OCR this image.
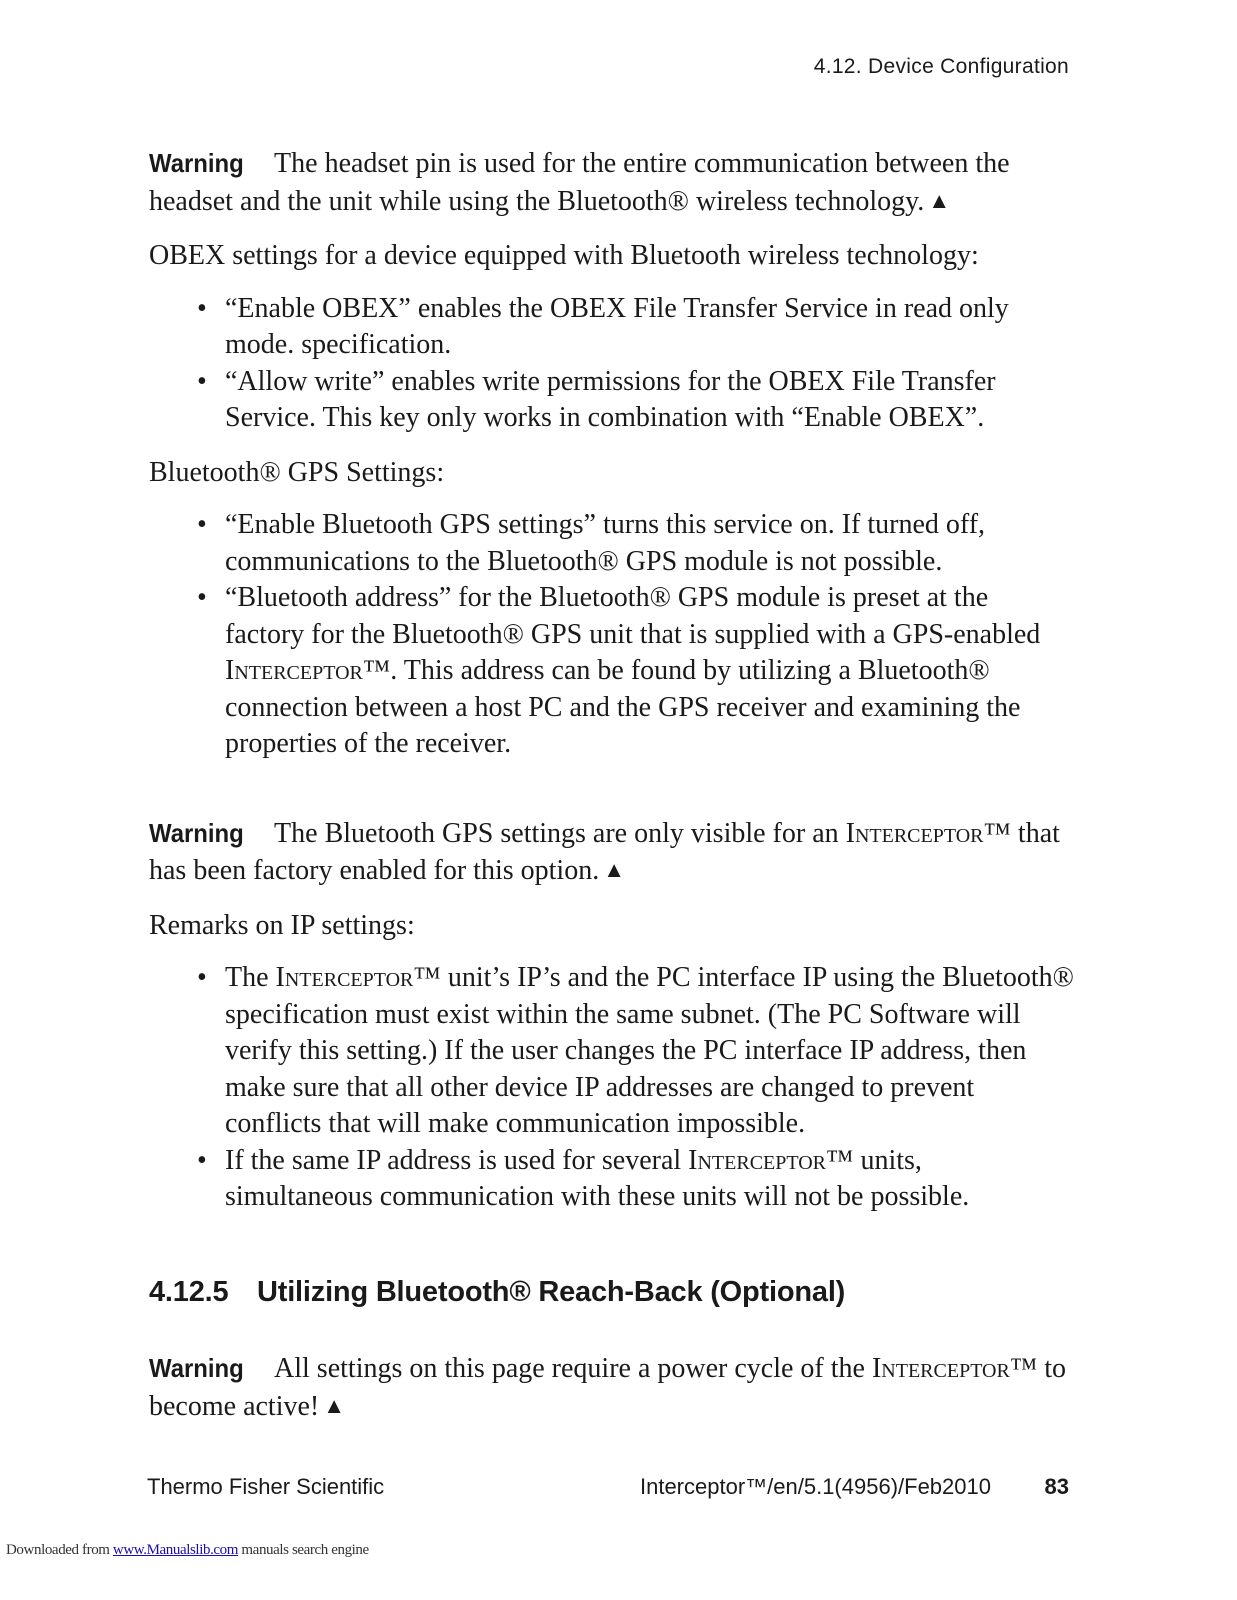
4.12. Device Configuration

Warning The headset pin is used for the entire communication between the headset and the unit while using the Bluetooth® wireless technology. ▲

OBEX settings for a device equipped with Bluetooth wireless technology:

• “Enable OBEX” enables the OBEX File Transfer Service in read only mode. specification.
• “Allow write” enables write permissions for the OBEX File Transfer Service. This key only works in combination with “Enable OBEX”.

Bluetooth® GPS Settings:

• “Enable Bluetooth GPS settings” turns this service on. If turned off, communications to the Bluetooth® GPS module is not possible.
• “Bluetooth address” for the Bluetooth® GPS module is preset at the factory for the Bluetooth® GPS unit that is supplied with a GPS-enabled Interceptor™. This address can be found by utilizing a Bluetooth® connection between a host PC and the GPS receiver and examining the properties of the receiver.

Warning The Bluetooth GPS settings are only visible for an Interceptor™ that has been factory enabled for this option. ▲

Remarks on IP settings:

• The Interceptor™ unit’s IP’s and the PC interface IP using the Bluetooth® specification must exist within the same subnet. (The PC Software will verify this setting.) If the user changes the PC interface IP address, then make sure that all other device IP addresses are changed to prevent conflicts that will make communication impossible.
• If the same IP address is used for several Interceptor™ units, simultaneous communication with these units will not be possible.
4.12.5 Utilizing Bluetooth® Reach-Back (Optional)

Warning All settings on this page require a power cycle of the Interceptor™ to become active! ▲

Thermo Fisher Scientific	Interceptor™/en/5.1(4956)/Feb2010 83
Downloaded from www.Manualslib.com manuals search engine
